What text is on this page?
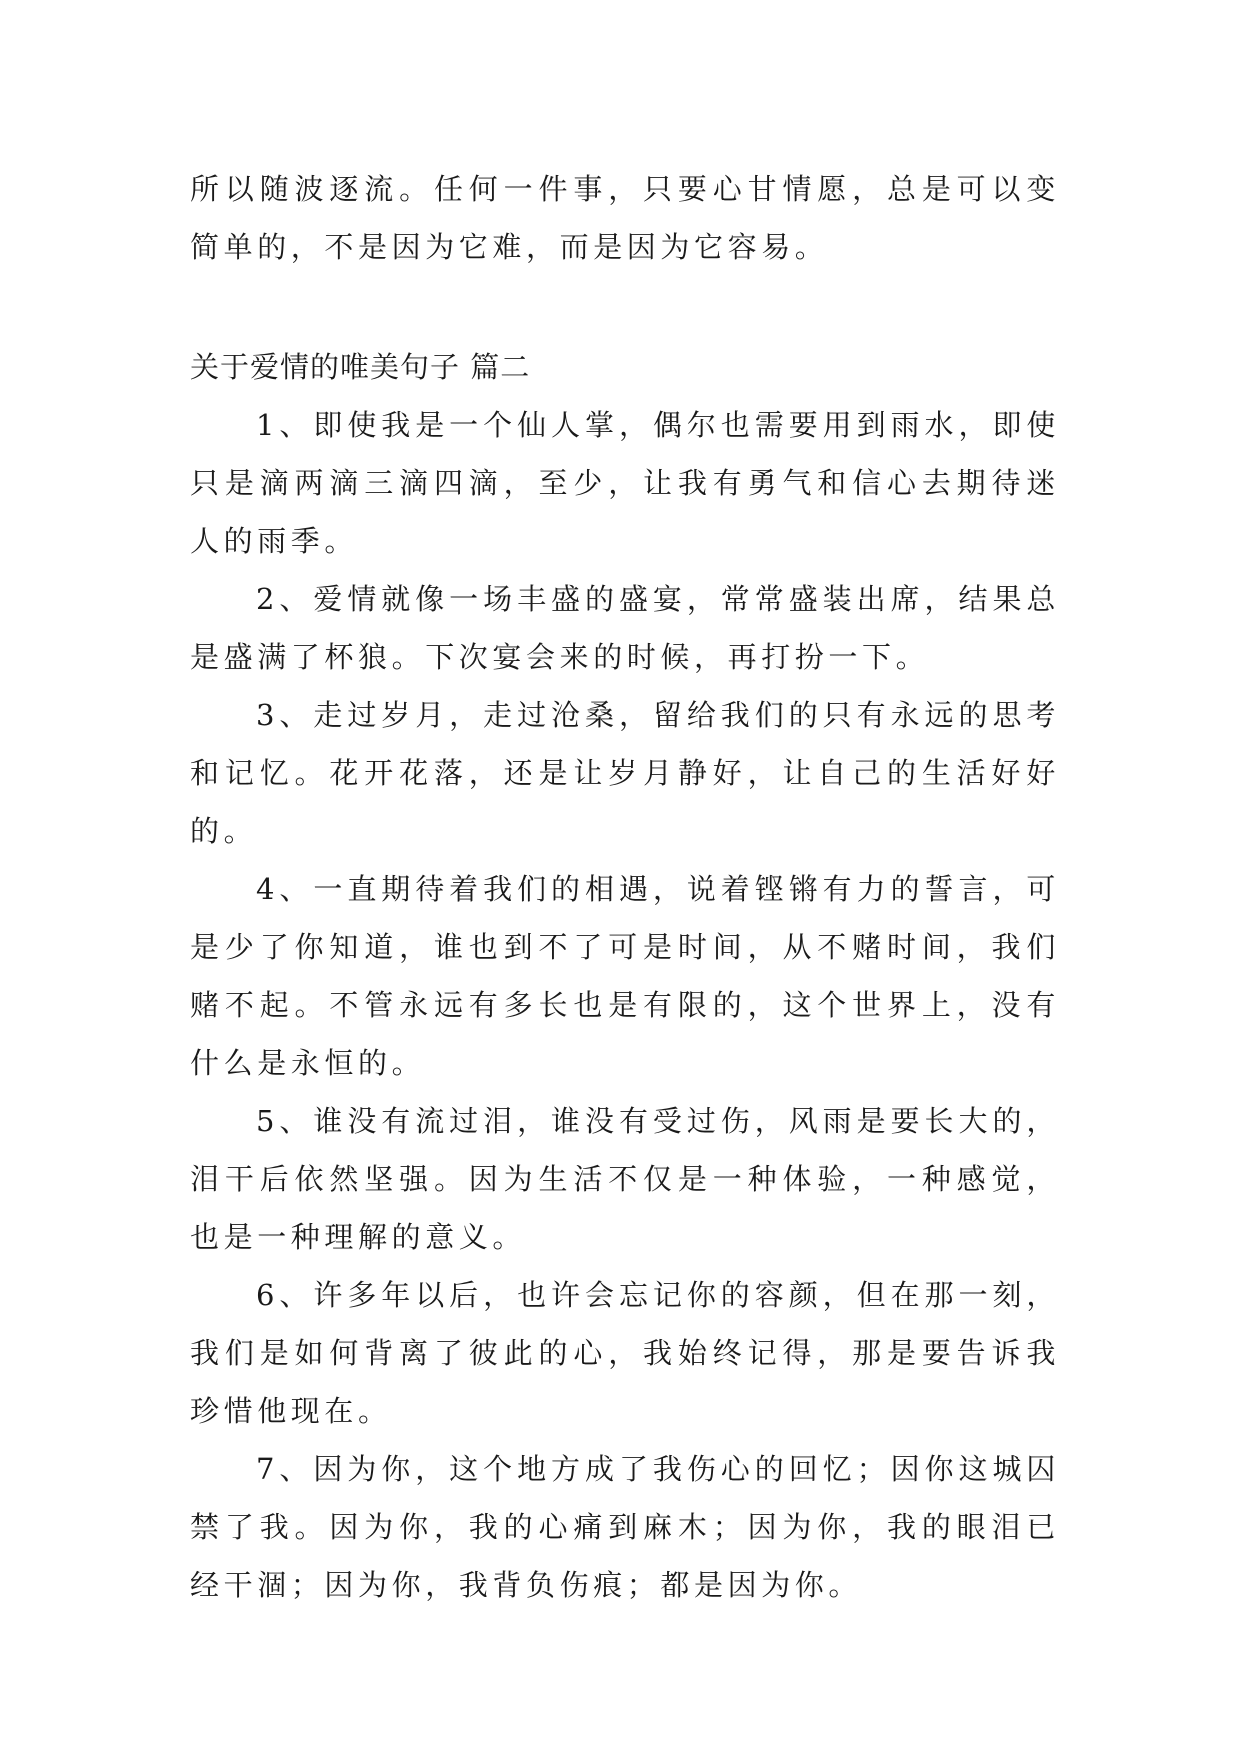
所以随波逐流。任何一件事，只要心甘情愿，总是可以变简单的，不是因为它难，而是因为它容易。

关于爱情的唯美句子 篇二

1、即使我是一个仙人掌，偶尔也需要用到雨水，即使只是滴两滴三滴四滴，至少，让我有勇气和信心去期待迷人的雨季。

2、爱情就像一场丰盛的盛宴，常常盛装出席，结果总是盛满了杯狼。下次宴会来的时候，再打扮一下。

3、走过岁月，走过沧桑，留给我们的只有永远的思考和记忆。花开花落，还是让岁月静好，让自己的生活好好的。

4、一直期待着我们的相遇，说着铿锵有力的誓言，可是少了你知道，谁也到不了可是时间，从不赌时间，我们赌不起。不管永远有多长也是有限的，这个世界上，没有什么是永恒的。

5、谁没有流过泪，谁没有受过伤，风雨是要长大的，泪干后依然坚强。因为生活不仅是一种体验，一种感觉，也是一种理解的意义。

6、许多年以后，也许会忘记你的容颜，但在那一刻，我们是如何背离了彼此的心，我始终记得，那是要告诉我珍惜他现在。

7、因为你，这个地方成了我伤心的回忆；因你这城囚禁了我。因为你，我的心痛到麻木；因为你，我的眼泪已经干涸；因为你，我背负伤痕；都是因为你。
